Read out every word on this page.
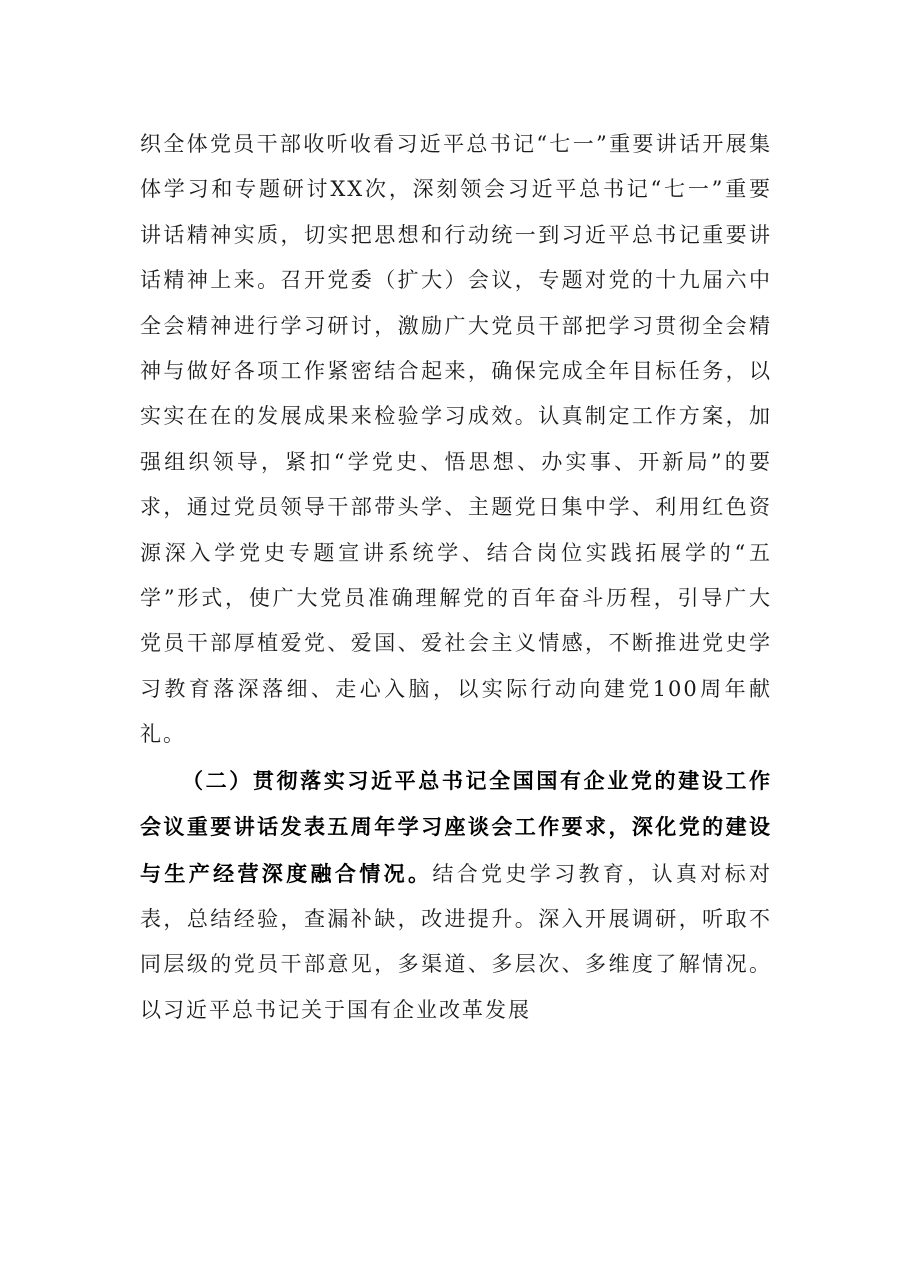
织全体党员干部收听收看习近平总书记“七一”重要讲话开展集体学习和专题研讨XX次，深刻领会习近平总书记“七一”重要讲话精神实质，切实把思想和行动统一到习近平总书记重要讲话精神上来。召开党委（扩大）会议，专题对党的十九届六中全会精神进行学习研讨，激励广大党员干部把学习贯彻全会精神与做好各项工作紧密结合起来，确保完成全年目标任务，以实实在在的发展成果来检验学习成效。认真制定工作方案，加强组织领导，紧扣“学党史、悟思想、办实事、开新局”的要求，通过党员领导干部带头学、主题党日集中学、利用红色资源深入学党史专题宣讲系统学、结合岗位实践拓展学的“五学”形式，使广大党员准确理解党的百年奋斗历程，引导广大党员干部厚植爱党、爱国、爱社会主义情感，不断推进党史学习教育落深落细、走心入脑，以实际行动向建党100周年献礼。

（二）贯彻落实习近平总书记全国国有企业党的建设工作会议重要讲话发表五周年学习座谈会工作要求，深化党的建设与生产经营深度融合情况。结合党史学习教育，认真对标对表，总结经验，查漏补缺，改进提升。深入开展调研，听取不同层级的党员干部意见，多渠道、多层次、多维度了解情况。以习近平总书记关于国有企业改革发展
